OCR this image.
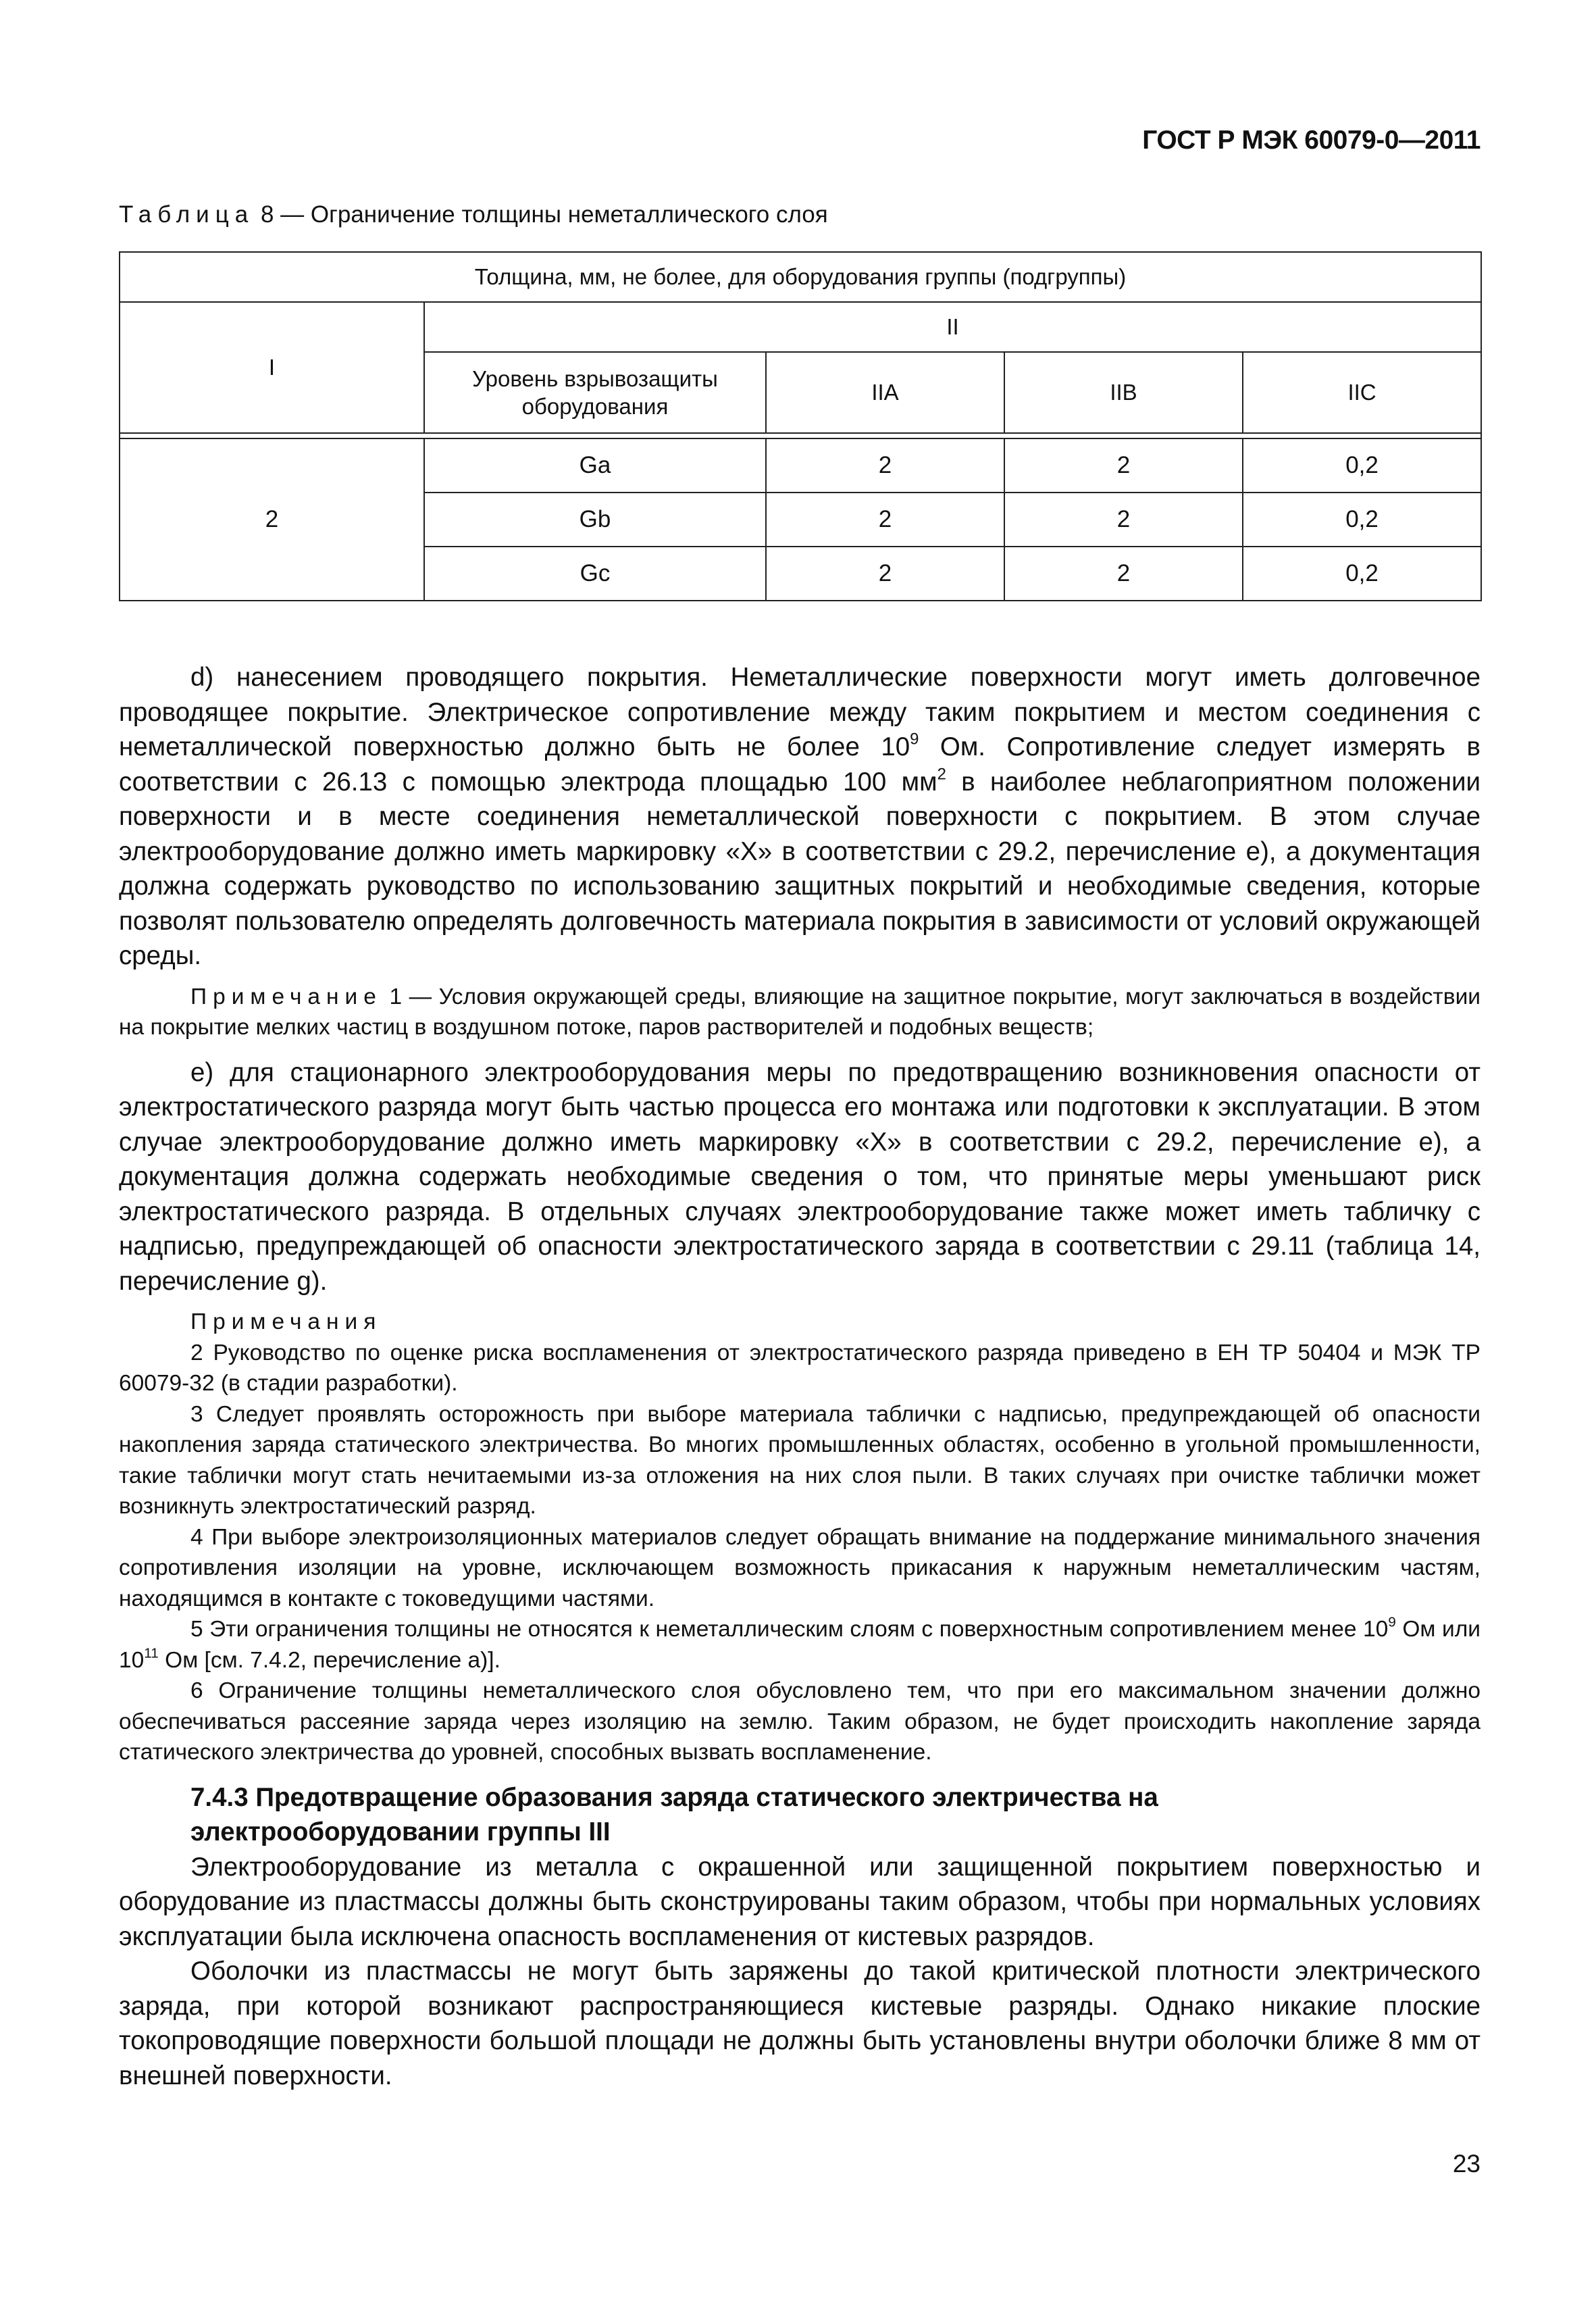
ГОСТ Р МЭК 60079-0—2011
Таблица 8 — Ограничение толщины неметаллического слоя
Толщина, мм, не более, для оборудования группы (подгруппы)				
I	II			
	Уровень взрывозащиты оборудования	IIA	IIB	IIC

2	Ga	2	2	0,2
	Gb	2	2	0,2
	Gc	2	2	0,2

d) нанесением проводящего покрытия. Неметаллические поверхности могут иметь долговечное проводящее покрытие. Электрическое сопротивление между таким покрытием и местом соединения с неметаллической поверхностью должно быть не более $10^9$ Ом. Сопротивление следует измерять в соответствии с 26.13 с помощью электрода площадью 100 $мм^2$ в наиболее неблагоприятном положении поверхности и в месте соединения неметаллической поверхности с покрытием. В этом случае электрооборудование должно иметь маркировку «Х» в соответствии с 29.2, перечисление е), а документация должна содержать руководство по использованию защитных покрытий и необходимые сведения, которые позволят пользователю определять долговечность материала покрытия в зависимости от условий окружающей среды.

Примечание 1 — Условия окружающей среды, влияющие на защитное покрытие, могут заключаться в воздействии на покрытие мелких частиц в воздушном потоке, паров растворителей и подобных веществ;

е) для стационарного электрооборудования меры по предотвращению возникновения опасности от электростатического разряда могут быть частью процесса его монтажа или подготовки к эксплуатации. В этом случае электрооборудование должно иметь маркировку «Х» в соответствии с 29.2, перечисление е), а документация должна содержать необходимые сведения о том, что принятые меры уменьшают риск электростатического разряда. В отдельных случаях электрооборудование также может иметь табличку с надписью, предупреждающей об опасности электростатического заряда в соответствии с 29.11 (таблица 14, перечисление g).

Примечания

2 Руководство по оценке риска воспламенения от электростатического разряда приведено в ЕН ТР 50404 и МЭК ТР 60079-32 (в стадии разработки).

3 Следует проявлять осторожность при выборе материала таблички с надписью, предупреждающей об опасности накопления заряда статического электричества. Во многих промышленных областях, особенно в угольной промышленности, такие таблички могут стать нечитаемыми из-за отложения на них слоя пыли. В таких случаях при очистке таблички может возникнуть электростатический разряд.

4 При выборе электроизоляционных материалов следует обращать внимание на поддержание минимального значения сопротивления изоляции на уровне, исключающем возможность прикасания к наружным неметаллическим частям, находящимся в контакте с токоведущими частями.

5 Эти ограничения толщины не относятся к неметаллическим слоям с поверхностным сопротивлением менее $10^9$ Ом или $10^{11}$ Ом [см. 7.4.2, перечисление а)].

6 Ограничение толщины неметаллического слоя обусловлено тем, что при его максимальном значении должно обеспечиваться рассеяние заряда через изоляцию на землю. Таким образом, не будет происходить накопление заряда статического электричества до уровней, способных вызвать воспламенение.

7.4.3 Предотвращение образования заряда статического электричества на
электрооборудовании группы III

Электрооборудование из металла с окрашенной или защищенной покрытием поверхностью и оборудование из пластмассы должны быть сконструированы таким образом, чтобы при нормальных условиях эксплуатации была исключена опасность воспламенения от кистевых разрядов.

Оболочки из пластмассы не могут быть заряжены до такой критической плотности электрического заряда, при которой возникают распространяющиеся кистевые разряды. Однако никакие плоские токопроводящие поверхности большой площади не должны быть установлены внутри оболочки ближе 8 мм от внешней поверхности.

23
